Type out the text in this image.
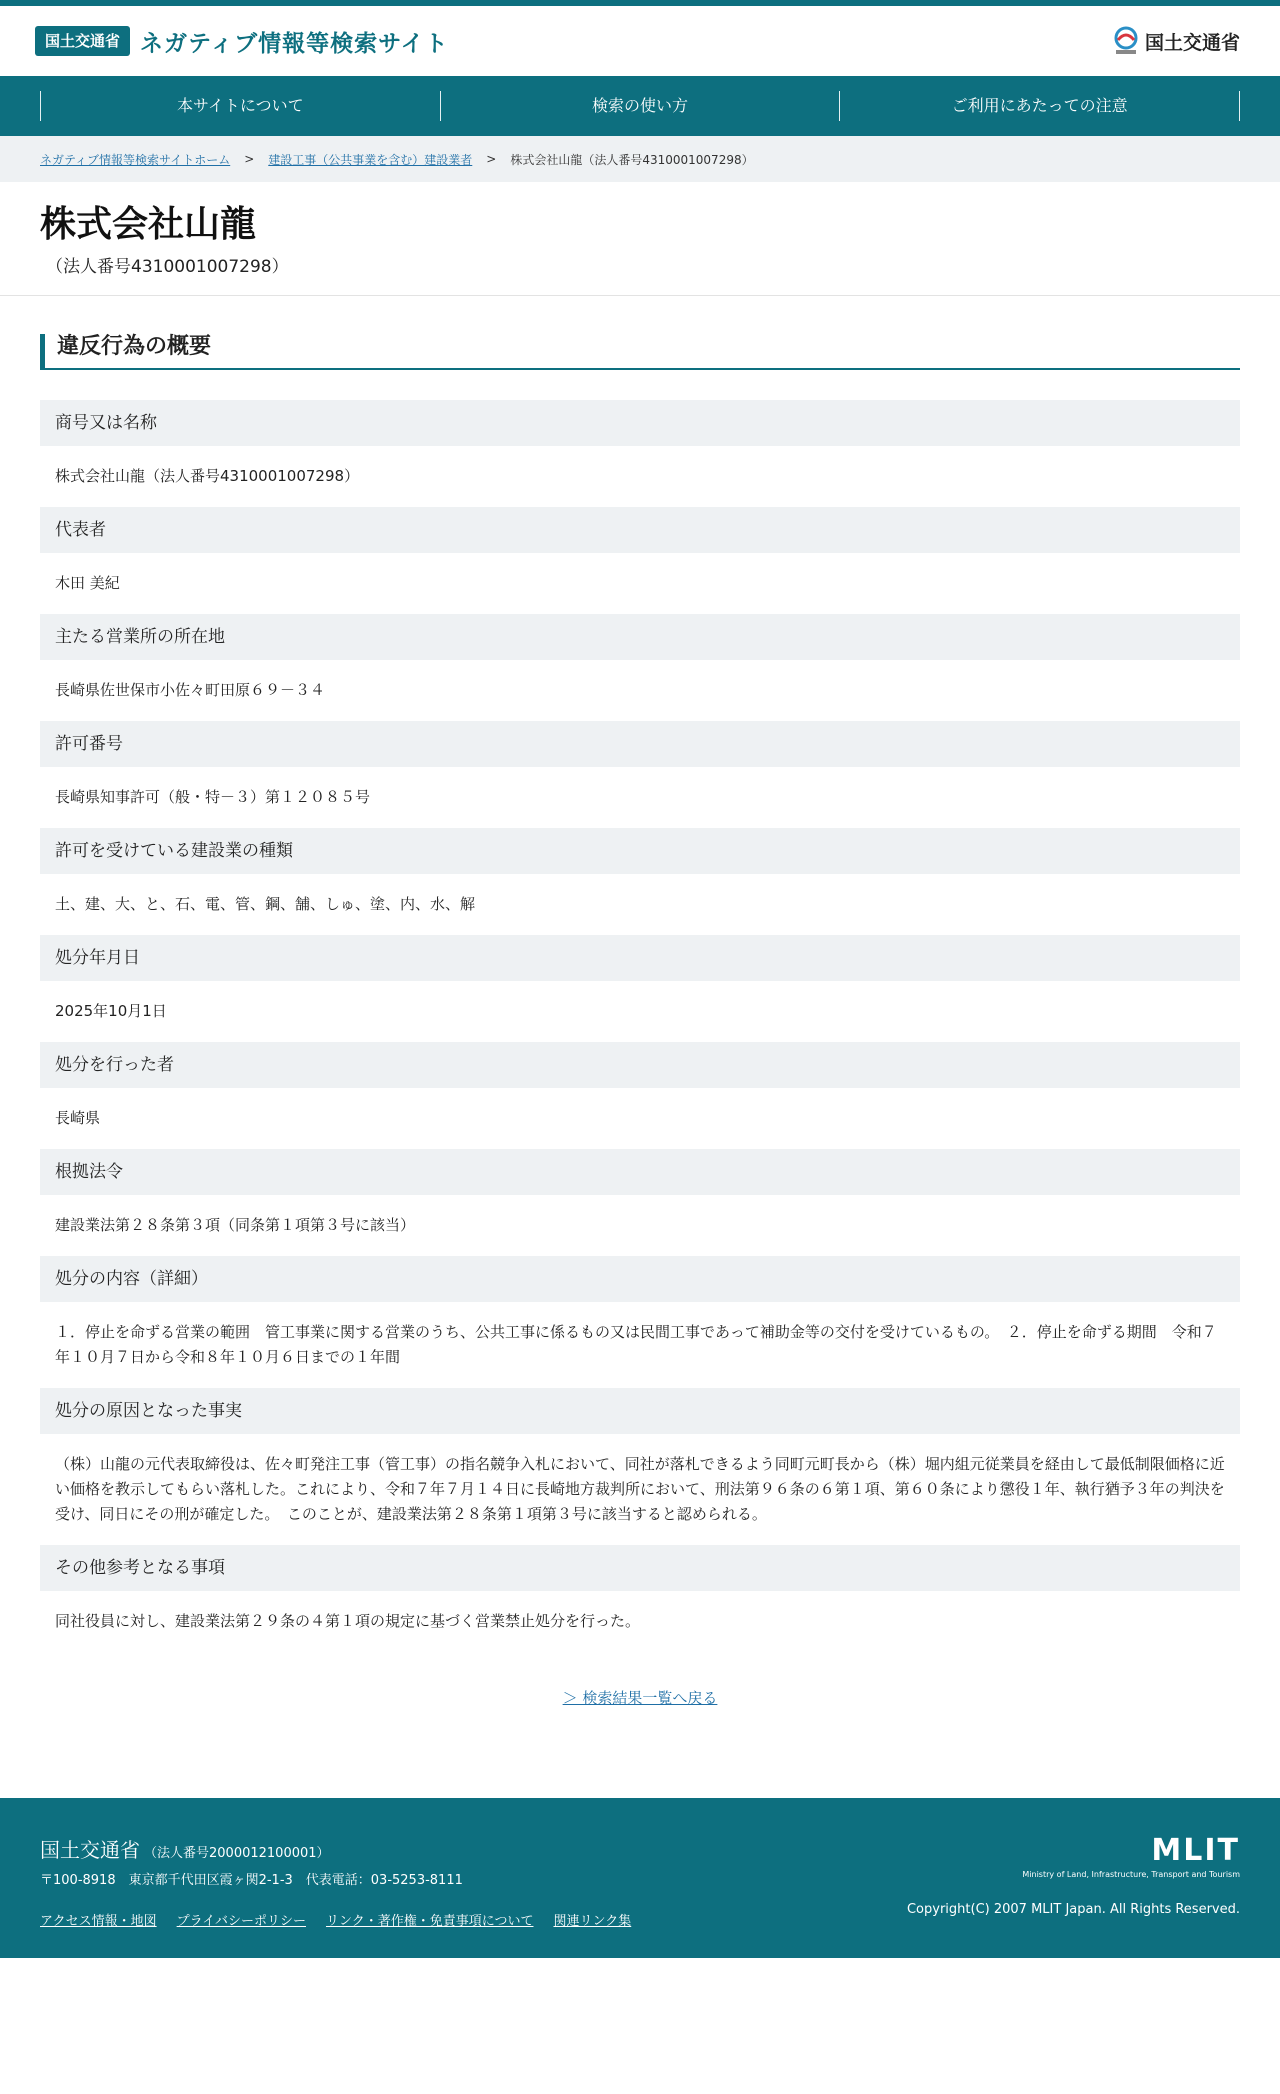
国土交通省 ネガティブ情報等検索サイト	国土交通省
本サイトについて	検索の使い方	ご利用にあたっての注意
ネガティブ情報等検索サイトホーム > 建設工事（公共事業を含む）建設業者 > 株式会社山龍（法人番号4310001007298）
株式会社山龍
（法人番号4310001007298）
違反行為の概要
商号又は名称
株式会社山龍（法人番号4310001007298）
代表者
木田 美紀
主たる営業所の所在地
長崎県佐世保市小佐々町田原６９－３４
許可番号
長崎県知事許可（般・特－３）第１２０８５号
許可を受けている建設業の種類
土、建、大、と、石、電、管、鋼、舗、しゅ、塗、内、水、解
処分年月日
2025年10月1日
処分を行った者
長崎県
根拠法令
建設業法第２８条第３項（同条第１項第３号に該当）
処分の内容（詳細）
１．停止を命ずる営業の範囲　管工事業に関する営業のうち、公共工事に係るもの又は民間工事であって補助金等の交付を受けているもの。　２．停止を命ずる期間　令和７年１０月７日から令和８年１０月６日までの１年間
処分の原因となった事実
（株）山龍の元代表取締役は、佐々町発注工事（管工事）の指名競争入札において、同社が落札できるよう同町元町長から（株）堀内組元従業員を経由して最低制限価格に近い価格を教示してもらい落札した。これにより、令和７年７月１４日に長崎地方裁判所において、刑法第９６条の６第１項、第６０条により懲役１年、執行猶予３年の判決を受け、同日にその刑が確定した。　このことが、建設業法第２８条第１項第３号に該当すると認められる。
その他参考となる事項
同社役員に対し、建設業法第２９条の４第１項の規定に基づく営業禁止処分を行った。
＞ 検索結果一覧へ戻る
国土交通省 （法人番号2000012100001）
〒100-8918　東京都千代田区霞ヶ関2-1-3　代表電話：03-5253-8111
アクセス情報・地図 プライバシーポリシー リンク・著作権・免責事項について 関連リンク集
MLIT
Ministry of Land, Infrastructure, Transport and Tourism
Copyright(C) 2007 MLIT Japan. All Rights Reserved.
